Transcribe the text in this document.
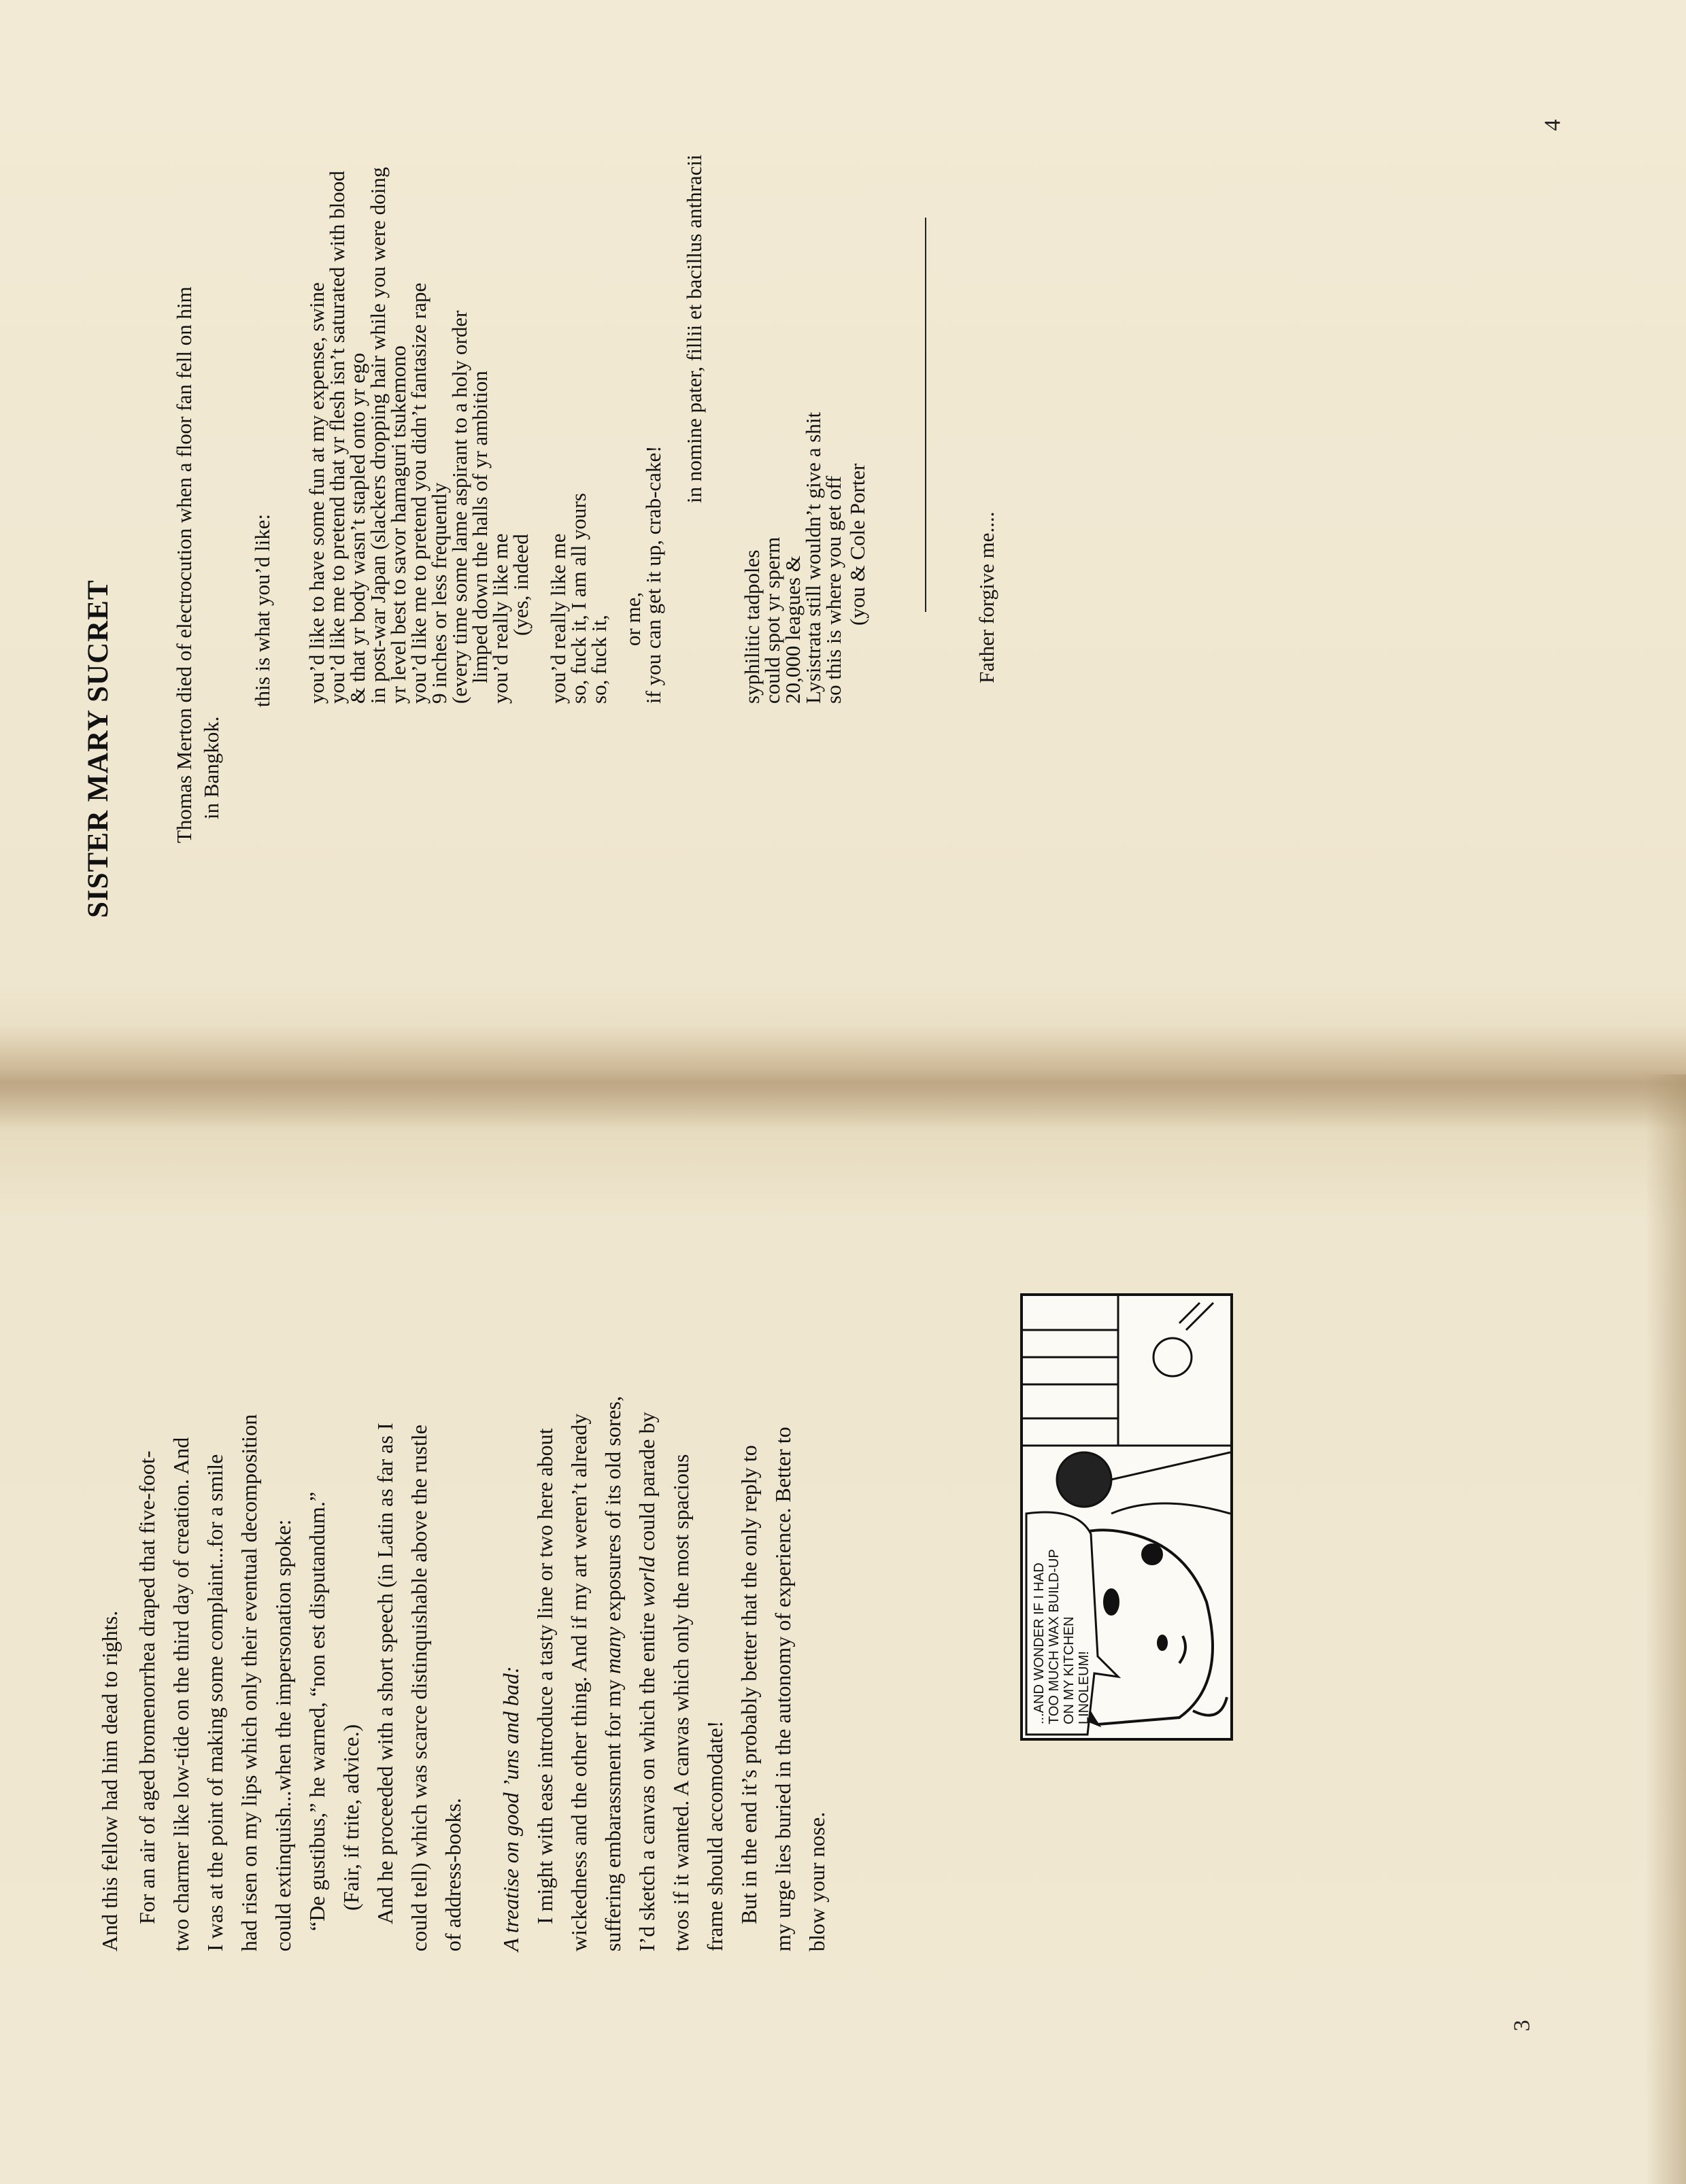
SISTER MARY SUCRET	Thomas Merton died of electrocution when a floor fan fell on him in Bangkok.
this is what you’d like: you’d like to have some fun at my expense, swine
you’d like me to pretend that yr flesh isn’t saturated with blood
& that yr body wasn’t stapled onto yr ego
in post-war Japan (slackers dropping hair while you were doing
yr level best to savor hamaguri tsukemono
you’d like me to pretend you didn’t fantasize rape
9 inches or less frequently
(every time some lame aspirant to a holy order
limped down the halls of yr ambition
you’d really like me
(yes, indeed you’d really like me
so, fuck it, I am all yours
so, fuck it, or me,
if you can get it up, crab-cake!
in nomine pater, fillii et bacillus anthracii
syphilitic tadpoles
could spot yr sperm
20,000 leagues &
Lysistrata still wouldn’t give a shit
so this is where you get off (you & Cole Porter	Father forgive me....
4
And this fellow had him dead to rights. For an air of aged bromenorrhea draped that five-foot- two charmer like low-tide on the third day of creation. And I was at the point of making some complaint...for a smile had risen on my lips which only their eventual decomposition could extinquish...when the impersonation spoke: “De gustibus,” he warned, “non est disputandum.” (Fair, if trite, advice.) And he proceeded with a short speech (in Latin as far as I could tell) which was scarce distinquishable above the rustle of address-books. A treatise on good ’uns and bad: I might with ease introduce a tasty line or two here about wickedness and the other thing. And if my art weren’t already suffering embarassment for my many exposures of its old sores,
I’d sketch a canvas on which the entire world could parade by twos if it wanted. A canvas which only the most spacious frame should accomodate! But in the end it’s probably better that the only reply to my urge lies buried in the autonomy of experience. Better to blow your nose.
...AND WONDER IF I HAD TOO MUCH WAX BUILD-UP ON MY KITCHEN LINOLEUM!
3
